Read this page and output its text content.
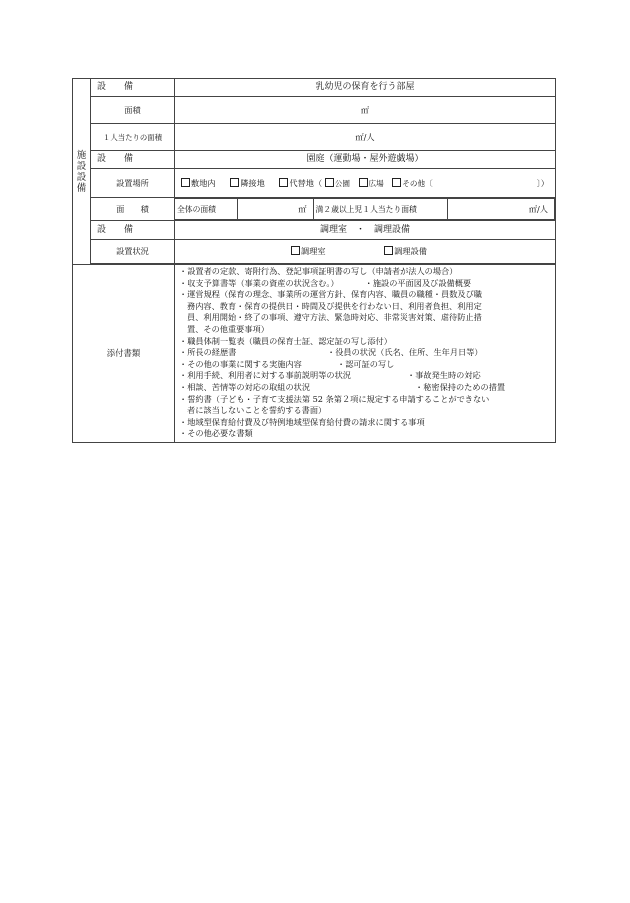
施
設
設
備
	設　　備	乳幼児の保育を行う部屋
面積	㎡
１人当たりの面積	㎡/人
設　　備	園庭（運動場・屋外遊戯場）
設置場所	敷地内	隣接地	代替地（ 公園 広場 その他〔	〕）

面　　積		全体の面積	㎡	満２歳以上児１人当たり面積	㎡/人

設　　備	調理室　・　調理設備
設置状況	調理室	調理設備

添付書類	
・設置者の定款、寄附行為、登記事項証明書の写し（申請者が法人の場合）
・収支予算書等（事業の資産の状況含む。）	・施設の平面図及び設備概要
・運営規程（保育の理念、事業所の運営方針、保育内容、職員の職種・員数及び職
務内容、教育・保育の提供日・時間及び提供を行わない日、利用者負担、利用定
員、利用開始・終了の事項、遵守方法、緊急時対応、非常災害対策、虐待防止措
置、その他重要事項）
・職員体制一覧表（職員の保育士証、認定証の写し添付）
・所長の経歴書	・役員の状況（氏名、住所、生年月日等）
・その他の事業に関する実施内容	・認可証の写し
・利用手続、利用者に対する事前説明等の状況	・事故発生時の対応
・相談、苦情等の対応の取組の状況	・秘密保持のための措置
・誓約書（子ども・子育て支援法第 52 条第２項に規定する申請することができない
者に該当しないことを誓約する書面）
・地域型保育給付費及び特例地域型保育給付費の請求に関する事項
・その他必要な書類
